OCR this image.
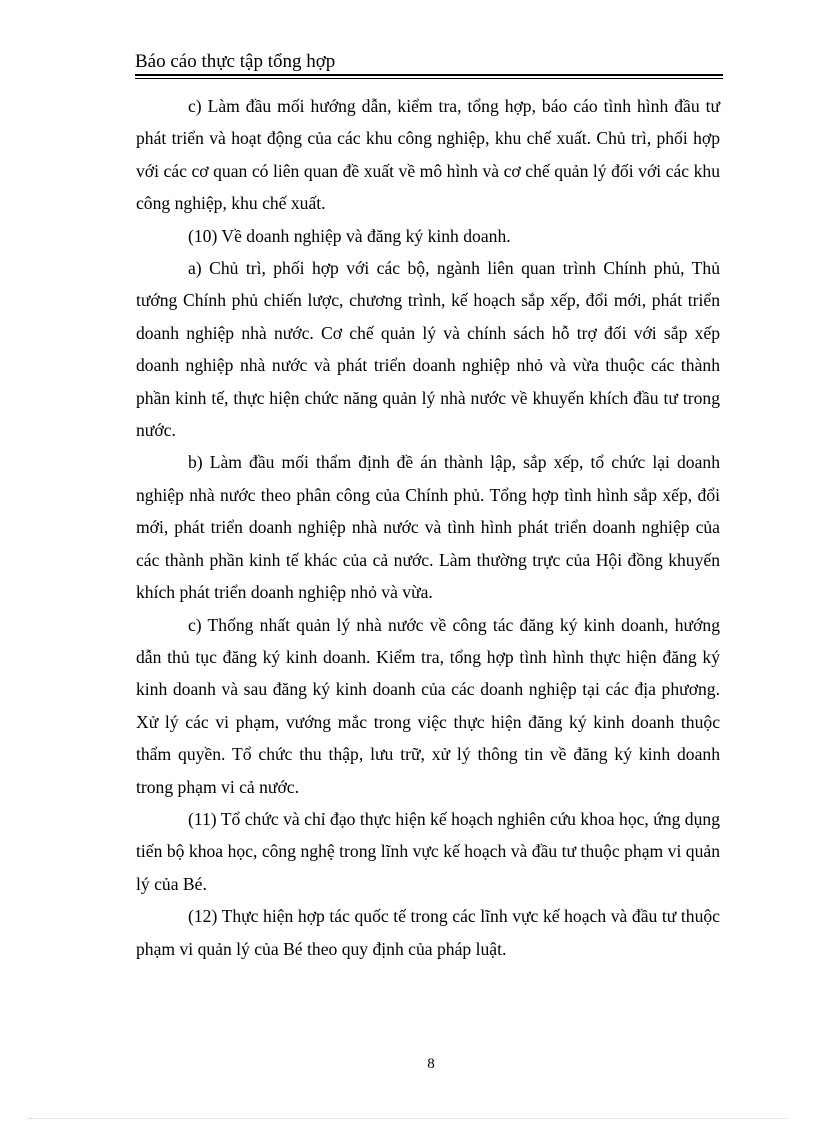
Báo cáo thực tập tổng hợp

c) Làm đầu mối hướng dẫn, kiểm tra, tổng hợp, báo cáo tình hình đầu tư phát triển và hoạt động của các khu công nghiệp, khu chế xuất. Chủ trì, phối hợp với các cơ quan có liên quan đề xuất về mô hình và cơ chế quản lý đối với các khu công nghiệp, khu chế xuất.

(10) Về doanh nghiệp và đăng ký kinh doanh.

a) Chủ trì, phối hợp với các bộ, ngành liên quan trình Chính phủ, Thủ tướng Chính phủ chiến lược, chương trình, kế hoạch sắp xếp, đổi mới, phát triển doanh nghiệp nhà nước. Cơ chế quản lý và chính sách hỗ trợ đối với sắp xếp doanh nghiệp nhà nước và phát triển doanh nghiệp nhỏ và vừa thuộc các thành phần kinh tế, thực hiện chức năng quản lý nhà nước về khuyến khích đầu tư trong nước.

b) Làm đầu mối thẩm định đề án thành lập, sắp xếp, tổ chức lại doanh nghiệp nhà nước theo phân công của Chính phủ. Tổng hợp tình hình sắp xếp, đổi mới, phát triển doanh nghiệp nhà nước và tình hình phát triển doanh nghiệp của các thành phần kinh tế khác của cả nước. Làm thường trực của Hội đồng khuyến khích phát triển doanh nghiệp nhỏ và vừa.

c) Thống nhất quản lý nhà nước về công tác đăng ký kinh doanh, hướng dẫn thủ tục đăng ký kinh doanh. Kiểm tra, tổng hợp tình hình thực hiện đăng ký kinh doanh và sau đăng ký kinh doanh của các doanh nghiệp tại các địa phương. Xử lý các vi phạm, vướng mắc trong việc thực hiện đăng ký kinh doanh thuộc thẩm quyền. Tổ chức thu thập, lưu trữ, xử lý thông tin về đăng ký kinh doanh trong phạm vi cả nước.

(11) Tổ chức và chỉ đạo thực hiện kế hoạch nghiên cứu khoa học, ứng dụng tiến bộ khoa học, công nghệ trong lĩnh vực kế hoạch và đầu tư thuộc phạm vi quản lý của Bé.

(12) Thực hiện hợp tác quốc tế trong các lĩnh vực kế hoạch và đầu tư thuộc phạm vi quản lý của Bé theo quy định của pháp luật.

8
